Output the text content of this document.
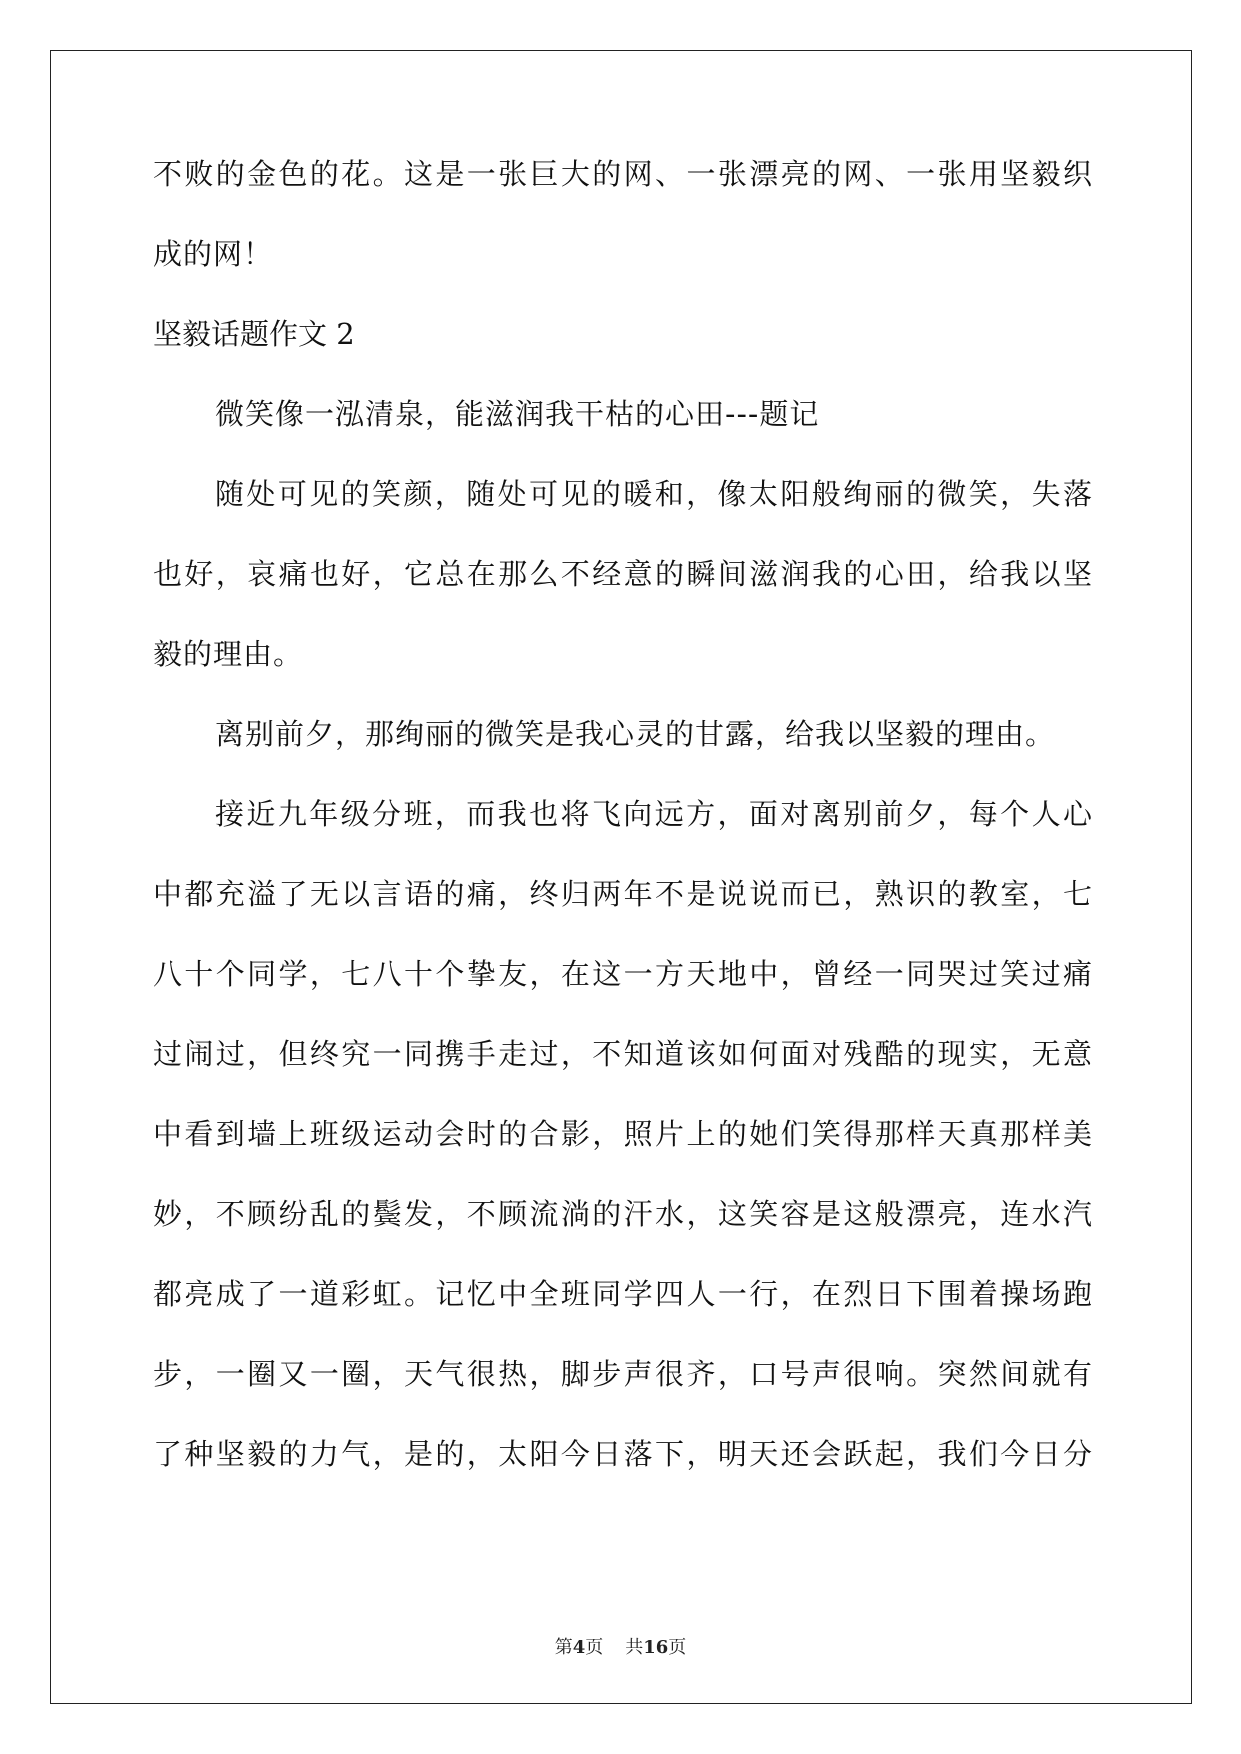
不败的金色的花。这是一张巨大的网、一张漂亮的网、一张用坚毅织
成的网！
坚毅话题作文 2
微笑像一泓清泉，能滋润我干枯的心田---题记
随处可见的笑颜，随处可见的暖和，像太阳般绚丽的微笑，失落
也好，哀痛也好，它总在那么不经意的瞬间滋润我的心田，给我以坚
毅的理由。
离别前夕，那绚丽的微笑是我心灵的甘露，给我以坚毅的理由。
接近九年级分班，而我也将飞向远方，面对离别前夕，每个人心
中都充溢了无以言语的痛，终归两年不是说说而已，熟识的教室，七
八十个同学，七八十个挚友，在这一方天地中，曾经一同哭过笑过痛
过闹过，但终究一同携手走过，不知道该如何面对残酷的现实，无意
中看到墙上班级运动会时的合影，照片上的她们笑得那样天真那样美
妙，不顾纷乱的鬓发，不顾流淌的汗水，这笑容是这般漂亮，连水汽
都亮成了一道彩虹。记忆中全班同学四人一行，在烈日下围着操场跑
步，一圈又一圈，天气很热，脚步声很齐，口号声很响。突然间就有
了种坚毅的力气，是的，太阳今日落下，明天还会跃起，我们今日分
第4页 共16页
